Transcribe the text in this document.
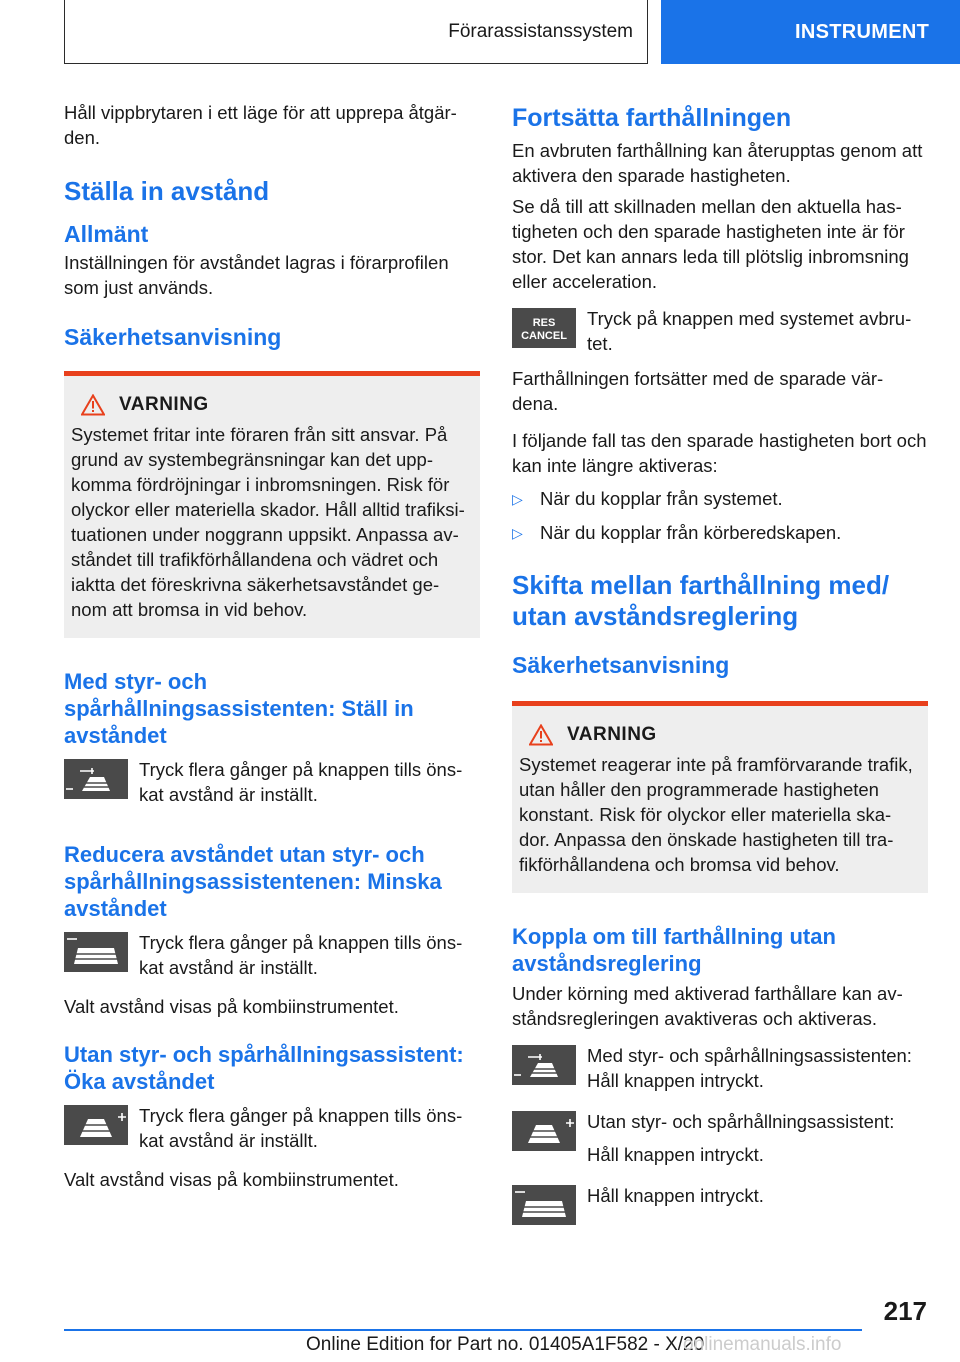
Förarassistanssystem	INSTRUMENT

Håll vippbrytaren i ett läge för att upprepa åtgär-den.

Ställa in avstånd
Allmänt

Inställningen för avståndet lagras i förarprofilen som just används.

Säkerhetsanvisning
VARNING

Systemet fritar inte föraren från sitt ansvar. På grund av systembegränsningar kan det upp-komma fördröjningar i inbromsningen. Risk för olyckor eller materiella skador. Håll alltid trafiksi-tuationen under noggrann uppsikt. Anpassa av-ståndet till trafikförhållandena och vädret och iaktta det föreskrivna säkerhetsavståndet ge-nom att bromsa in vid behov.

Med styr- och spårhållningsassistenten: Ställ in avståndet

Tryck flera gånger på knappen tills öns-kat avstånd är inställt.

Reducera avståndet utan styr- och spårhållningsassistentenen: Minska avståndet

Tryck flera gånger på knappen tills öns-kat avstånd är inställt.

Valt avstånd visas på kombiinstrumentet.

Utan styr- och spårhållningsassistent: Öka avståndet

Tryck flera gånger på knappen tills öns-kat avstånd är inställt.

Valt avstånd visas på kombiinstrumentet.

Fortsätta farthållningen

En avbruten farthållning kan återupptas genom att aktivera den sparade hastigheten.

Se då till att skillnaden mellan den aktuella has-tigheten och den sparade hastigheten inte är för stor. Det kan annars leda till plötslig inbromsning eller acceleration.

RES
CANCEL

Tryck på knappen med systemet avbru-tet.

Farthållningen fortsätter med de sparade vär-dena.

I följande fall tas den sparade hastigheten bort och kan inte längre aktiveras:

▷ När du kopplar från systemet.
▷ När du kopplar från körberedskapen.
Skifta mellan farthållning med/ utan avståndsreglering
Säkerhetsanvisning
VARNING

Systemet reagerar inte på framförvarande trafik, utan håller den programmerade hastigheten konstant. Risk för olyckor eller materiella ska-dor. Anpassa den önskade hastigheten till tra-fikförhållandena och bromsa vid behov.

Koppla om till farthållning utan avståndsreglering

Under körning med aktiverad farthållare kan av-ståndsregleringen avaktiveras och aktiveras.

Med styr- och spårhållningsassistenten: Håll knappen intryckt.

Utan styr- och spårhållningsassistent:

Håll knappen intryckt.

Håll knappen intryckt.

217
Online Edition for Part no. 01405A1F582 - X/20
onlinemanuals.info
